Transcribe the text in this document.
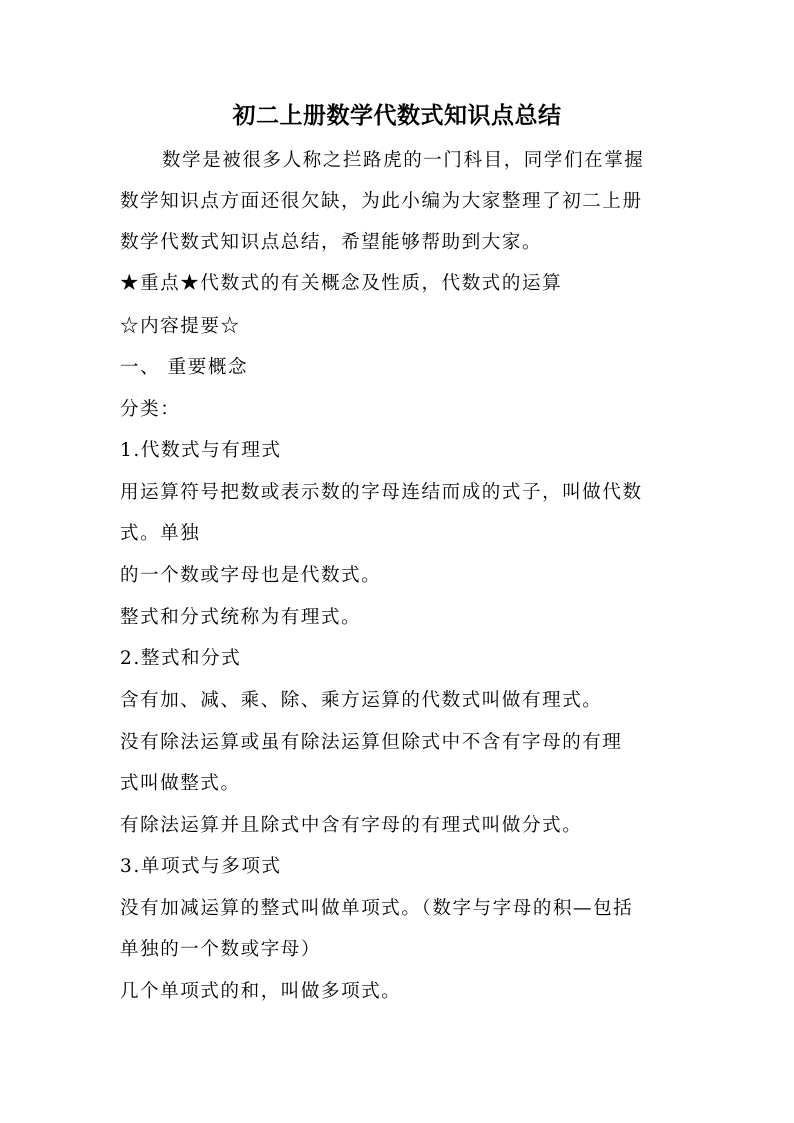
初二上册数学代数式知识点总结
数学是被很多人称之拦路虎的一门科目，同学们在掌握
数学知识点方面还很欠缺，为此小编为大家整理了初二上册
数学代数式知识点总结，希望能够帮助到大家。
★重点★代数式的有关概念及性质，代数式的运算
☆内容提要☆
一、 重要概念
分类：
1.代数式与有理式
用运算符号把数或表示数的字母连结而成的式子，叫做代数
式。单独
的一个数或字母也是代数式。
整式和分式统称为有理式。
2.整式和分式
含有加、减、乘、除、乘方运算的代数式叫做有理式。
没有除法运算或虽有除法运算但除式中不含有字母的有理
式叫做整式。
有除法运算并且除式中含有字母的有理式叫做分式。
3.单项式与多项式
没有加减运算的整式叫做单项式。（数字与字母的积—包括
单独的一个数或字母）
几个单项式的和，叫做多项式。
